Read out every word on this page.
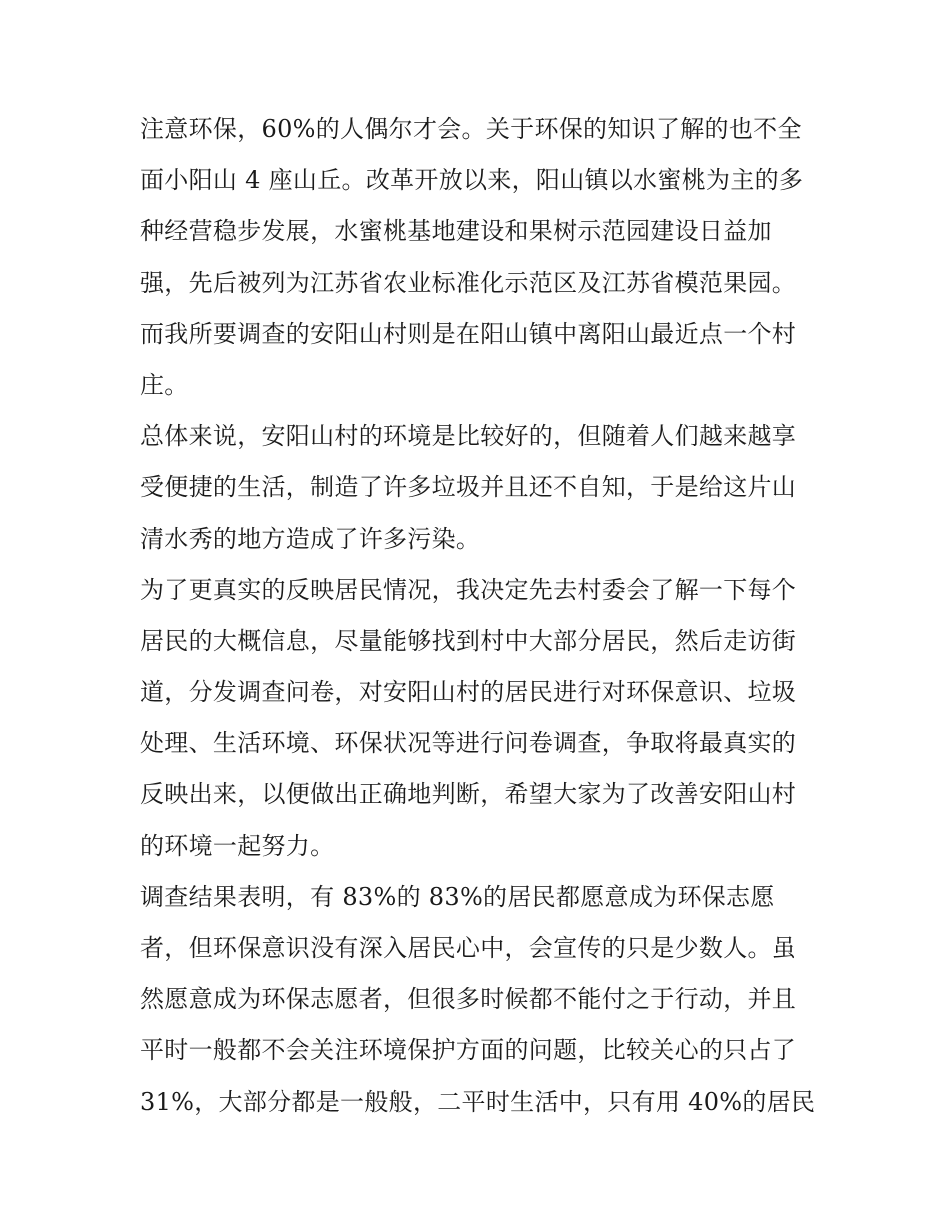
注意环保，60%的人偶尔才会。关于环保的知识了解的也不全
面小阳山 4 座山丘。改革开放以来，阳山镇以水蜜桃为主的多
种经营稳步发展，水蜜桃基地建设和果树示范园建设日益加
强，先后被列为江苏省农业标准化示范区及江苏省模范果园。
而我所要调查的安阳山村则是在阳山镇中离阳山最近点一个村
庄。
总体来说，安阳山村的环境是比较好的，但随着人们越来越享
受便捷的生活，制造了许多垃圾并且还不自知，于是给这片山
清水秀的地方造成了许多污染。
为了更真实的反映居民情况，我决定先去村委会了解一下每个
居民的大概信息，尽量能够找到村中大部分居民，然后走访街
道，分发调查问卷，对安阳山村的居民进行对环保意识、垃圾
处理、生活环境、环保状况等进行问卷调查，争取将最真实的
反映出来，以便做出正确地判断，希望大家为了改善安阳山村
的环境一起努力。
调查结果表明，有 83%的 83%的居民都愿意成为环保志愿
者，但环保意识没有深入居民心中，会宣传的只是少数人。虽
然愿意成为环保志愿者，但很多时候都不能付之于行动，并且
平时一般都不会关注环境保护方面的问题，比较关心的只占了
31%，大部分都是一般般，二平时生活中，只有用 40%的居民
